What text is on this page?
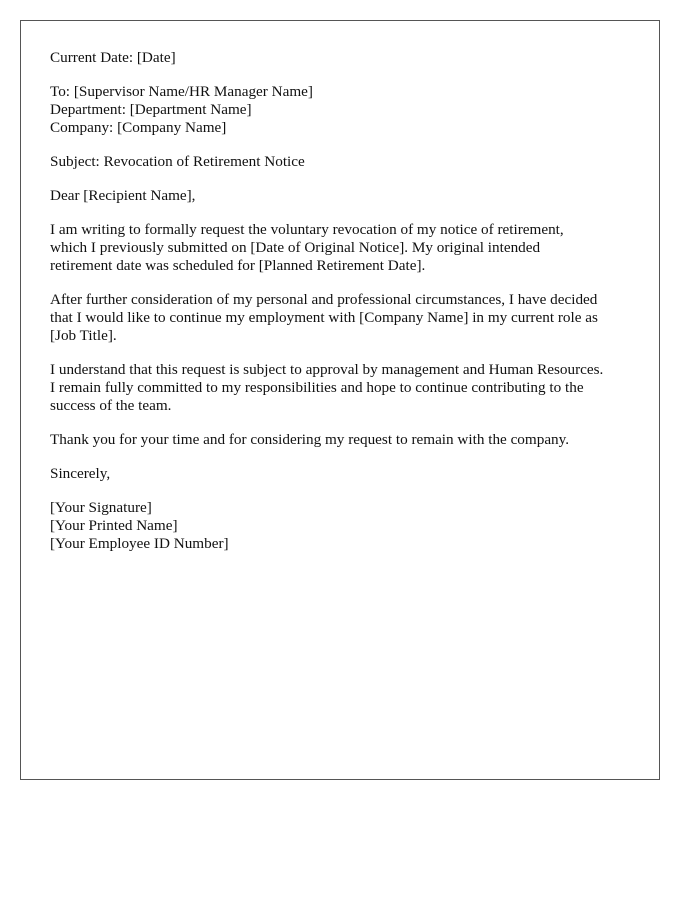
Current Date: [Date]
To: [Supervisor Name/HR Manager Name]
Department: [Department Name]
Company: [Company Name]
Subject: Revocation of Retirement Notice
Dear [Recipient Name],

I am writing to formally request the voluntary revocation of my notice of retirement,
which I previously submitted on [Date of Original Notice]. My original intended
retirement date was scheduled for [Planned Retirement Date].

After further consideration of my personal and professional circumstances, I have decided
that I would like to continue my employment with [Company Name] in my current role as
[Job Title].

I understand that this request is subject to approval by management and Human Resources.
I remain fully committed to my responsibilities and hope to continue contributing to the
success of the team.

Thank you for your time and for considering my request to remain with the company.

Sincerely,
[Your Signature]
[Your Printed Name]
[Your Employee ID Number]
